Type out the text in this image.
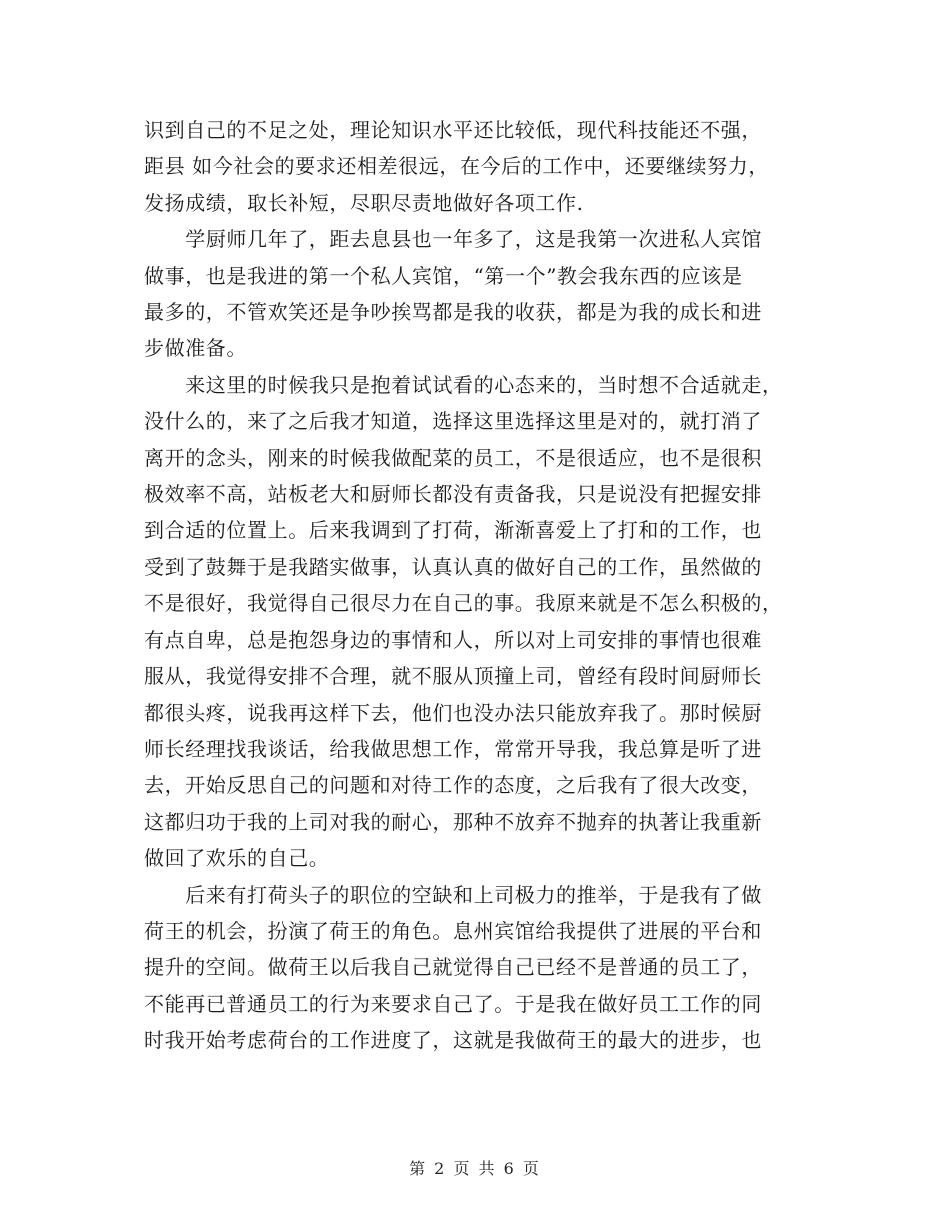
识到自己的不足之处，理论知识水平还比较低，现代科技能还不强，
距县 如今社会的要求还相差很远，在今后的工作中，还要继续努力，
发扬成绩，取长补短，尽职尽责地做好各项工作.

　　学厨师几年了，距去息县也一年多了，这是我第一次进私人宾馆
做事，也是我进的第一个私人宾馆，“第一个”教会我东西的应该是
最多的，不管欢笑还是争吵挨骂都是我的收获，都是为我的成长和进
步做准备。

　　来这里的时候我只是抱着试试看的心态来的，当时想不合适就走，
没什么的，来了之后我才知道，选择这里选择这里是对的，就打消了
离开的念头，刚来的时候我做配菜的员工，不是很适应，也不是很积
极效率不高，站板老大和厨师长都没有责备我，只是说没有把握安排
到合适的位置上。后来我调到了打荷，渐渐喜爱上了打和的工作，也
受到了鼓舞于是我踏实做事，认真认真的做好自己的工作，虽然做的
不是很好，我觉得自己很尽力在自己的事。我原来就是不怎么积极的，
有点自卑，总是抱怨身边的事情和人，所以对上司安排的事情也很难
服从，我觉得安排不合理，就不服从顶撞上司，曾经有段时间厨师长
都很头疼，说我再这样下去，他们也没办法只能放弃我了。那时候厨
师长经理找我谈话，给我做思想工作，常常开导我，我总算是听了进
去，开始反思自己的问题和对待工作的态度，之后我有了很大改变，
这都归功于我的上司对我的耐心，那种不放弃不抛弃的执著让我重新
做回了欢乐的自己。

　　后来有打荷头子的职位的空缺和上司极力的推举，于是我有了做
荷王的机会，扮演了荷王的角色。息州宾馆给我提供了进展的平台和
提升的空间。做荷王以后我自己就觉得自己已经不是普通的员工了，
不能再已普通员工的行为来要求自己了。于是我在做好员工工作的同
时我开始考虑荷台的工作进度了，这就是我做荷王的最大的进步，也

第 2 页 共 6 页
